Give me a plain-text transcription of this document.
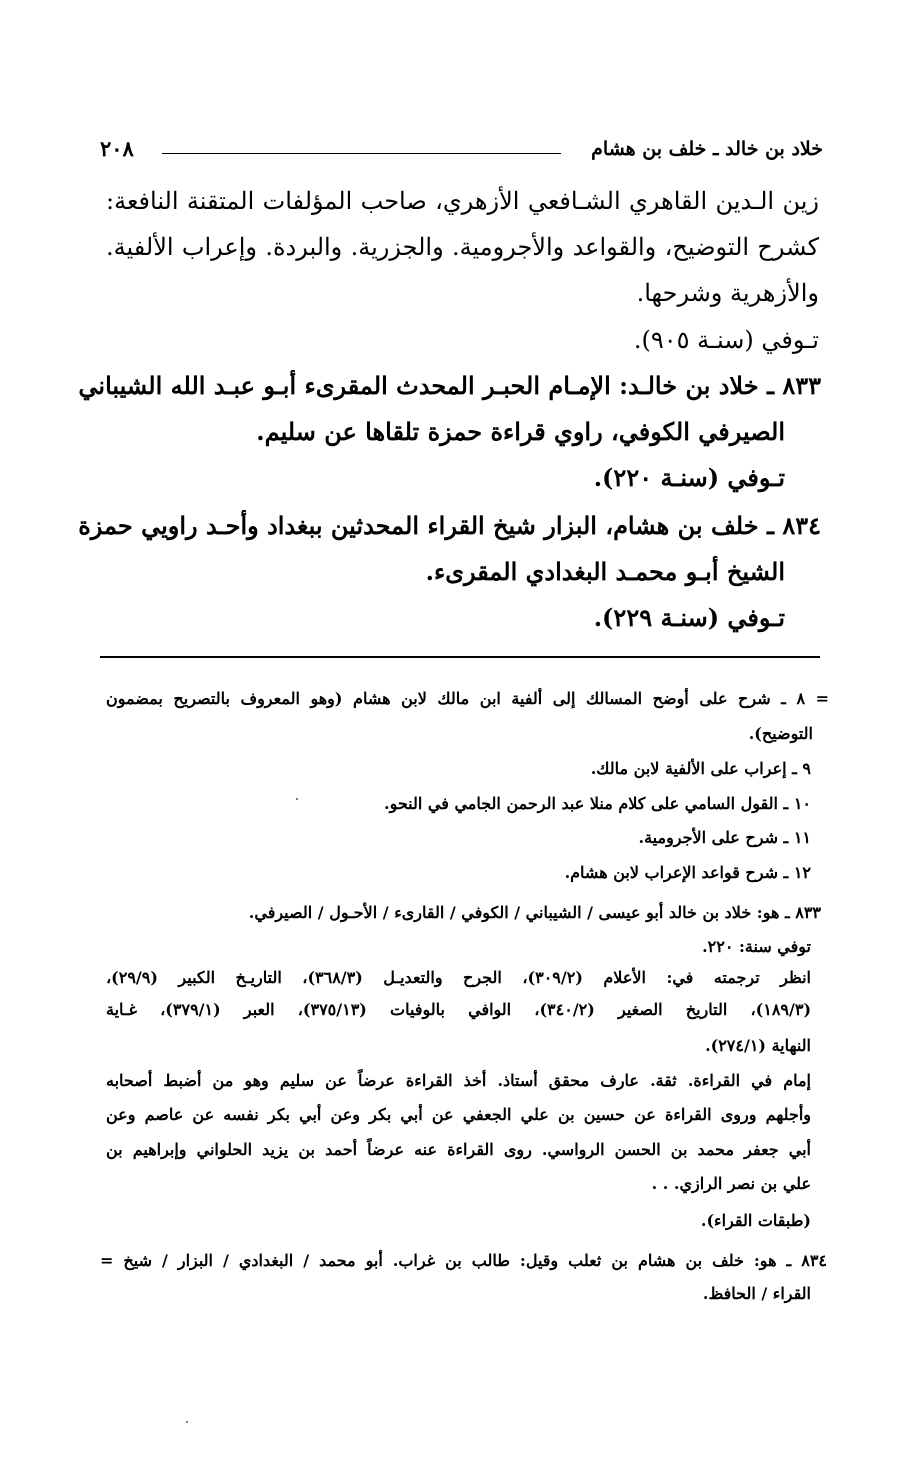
خلاد بن خالد ـ خلف بن هشام
٢٠٨
زين الـدين القاهري الشـافعي الأزهري، صاحب المؤلفات المتقنة النافعة:
كشرح التوضيح، والقواعد والأجرومية. والجزرية. والبردة. وإعراب الألفية.
والأزهرية وشرحها.
تـوفي (سنـة ٩٠٥).
٨٣٣ ـ خلاد بن خالـد: الإمـام الحبـر المحدث المقرىء أبـو عبـد الله الشيباني
الصيرفي الكوفي، راوي قراءة حمزة تلقاها عن سليم.
تـوفي (سنـة ٢٢٠).
٨٣٤ ـ خلف بن هشام، البزار شيخ القراء المحدثين ببغداد وأحـد راويي حمزة
الشيخ أبـو محمـد البغدادي المقرىء.
تـوفي (سنـة ٢٢٩).
= ٨ ـ شرح على أوضح المسالك إلى ألفية ابن مالك لابن هشام (وهو المعروف بالتصريح بمضمون
التوضيح).
٩ ـ إعراب على الألفية لابن مالك.
١٠ ـ القول السامي على كلام منلا عبد الرحمن الجامي في النحو.
١١ ـ شرح على الأجرومية.
١٢ ـ شرح قواعد الإعراب لابن هشام.
٨٣٣ ـ هو: خلاد بن خالد أبو عيسى / الشيباني / الكوفي / القارىء / الأحـول / الصيرفي.
توفي سنة: ٢٢٠.
انظر ترجمته في: الأعلام (٣٠٩/٢)، الجرح والتعديـل (٣٦٨/٣)، التاريـخ الكبير (٢٩/٩)،
(١٨٩/٣)، التاريخ الصغير (٣٤٠/٢)، الوافي بالوفيات (٣٧٥/١٣)، العبر (٣٧٩/١)، غـاية
النهاية (٢٧٤/١).
إمام في القراءة. ثقة. عارف محقق أستاذ. أخذ القراءة عرضاً عن سليم وهو من أضبط أصحابه
وأجلهم وروى القراءة عن حسين بن علي الجعفي عن أبي بكر وعن أبي بكر نفسه عن عاصم وعن
أبي جعفر محمد بن الحسن الرواسي. روى القراءة عنه عرضاً أحمد بن يزيد الحلواني وإبراهيم بن
علي بن نصر الرازي. . .
(طبقات القراء).
٨٣٤ ـ هو: خلف بن هشام بن ثعلب وقيل: طالب بن غراب. أبو محمد / البغدادي / البزار / شيخ =
القراء / الحافظ.
